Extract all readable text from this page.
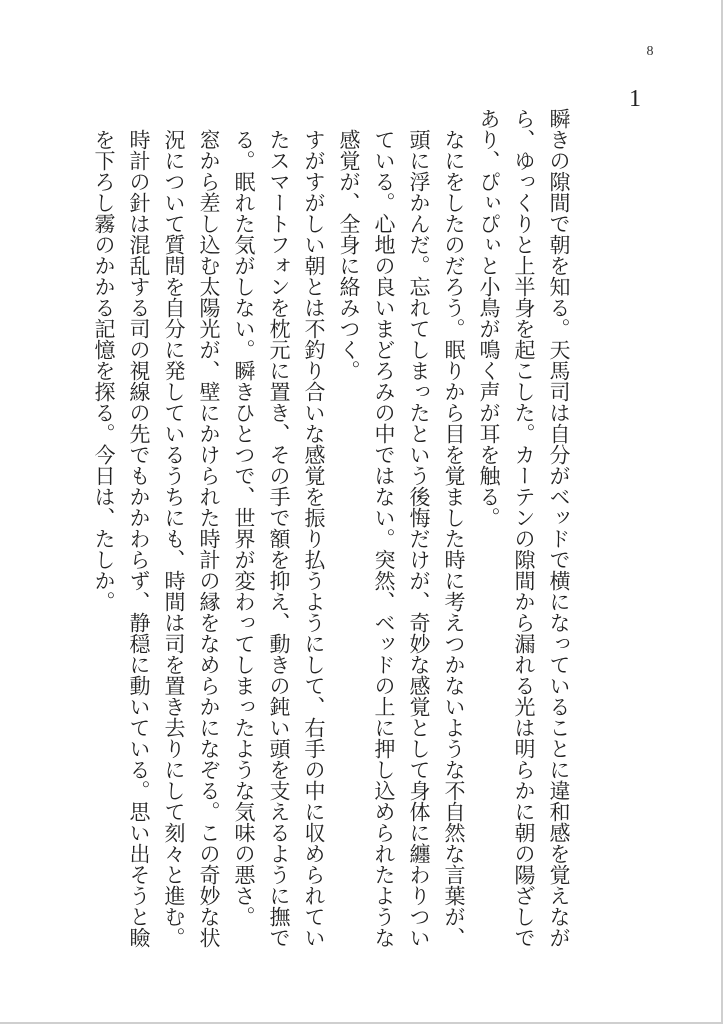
8
1

瞬きの隙間で朝を知る。天馬司は自分がベッドで横になっていることに違和感を覚えながら、ゆっくりと上半身を起こした。カーテンの隙間から漏れる光は明らかに朝の陽ざしであり、ぴぃぴぃと小鳥が鳴く声が耳を触る。

なにをしたのだろう。眠りから目を覚ました時に考えつかないような不自然な言葉が、頭に浮かんだ。忘れてしまったという後悔だけが、奇妙な感覚として身体に纏わりついている。心地の良いまどろみの中ではない。突然、ベッドの上に押し込められたような感覚が、全身に絡みつく。

すがすがしい朝とは不釣り合いな感覚を振り払うようにして、右手の中に収められていたスマートフォンを枕元に置き、その手で額を抑え、動きの鈍い頭を支えるように撫でる。眠れた気がしない。瞬きひとつで、世界が変わってしまったような気味の悪さ。

窓から差し込む太陽光が、壁にかけられた時計の縁をなめらかになぞる。この奇妙な状況について質問を自分に発しているうちにも、時間は司を置き去りにして刻々と進む。時計の針は混乱する司の視線の先でもかかわらず、静穏に動いている。思い出そうと瞼を下ろし霧のかかる記憶を探る。今日は、たしか。
